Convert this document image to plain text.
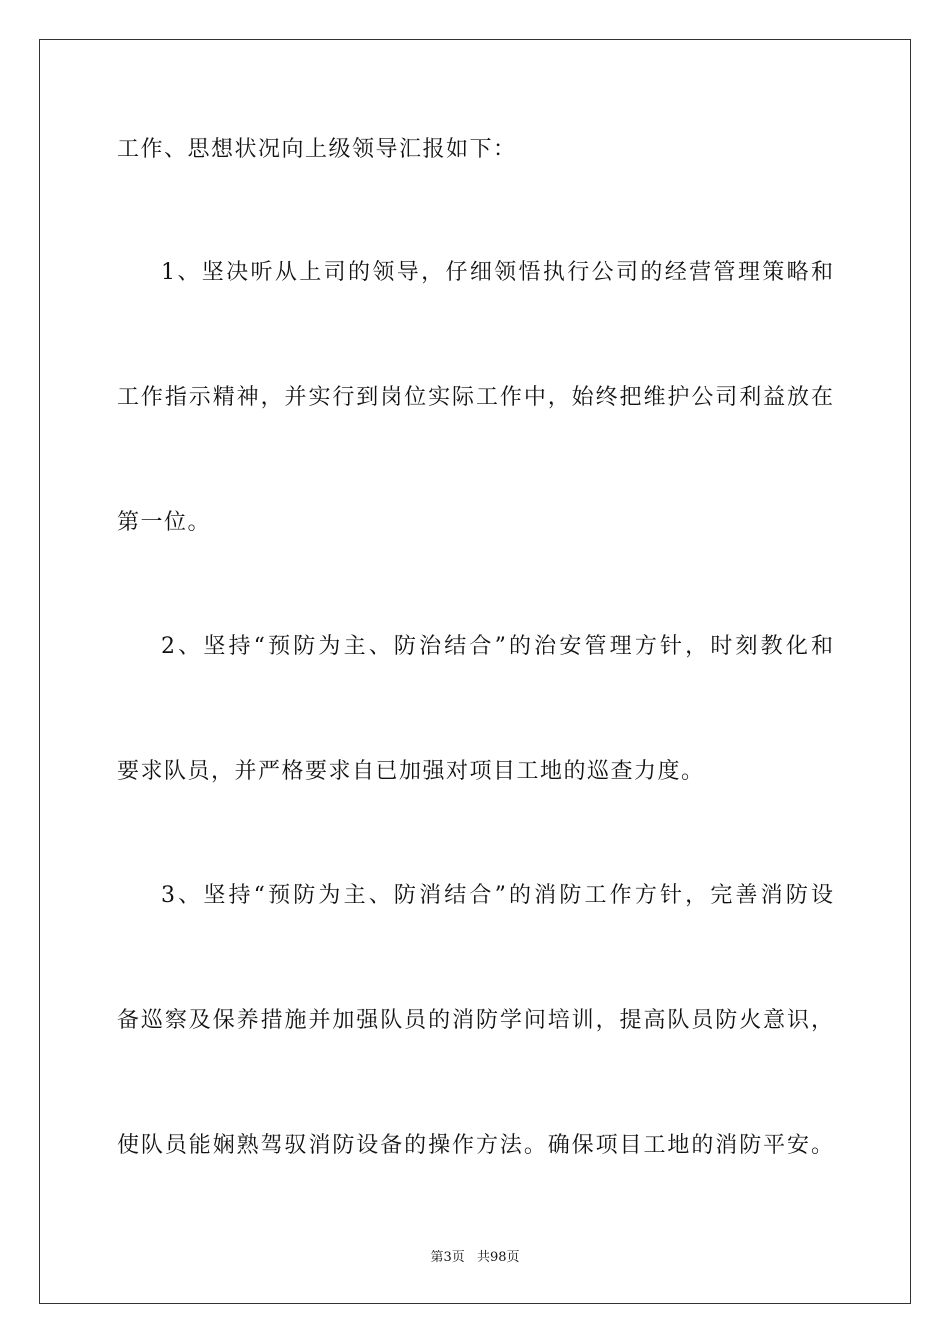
工作、思想状况向上级领导汇报如下：
1、坚决听从上司的领导，仔细领悟执行公司的经营管理策略和
工作指示精神，并实行到岗位实际工作中，始终把维护公司利益放在
第一位。
2、坚持“预防为主、防治结合”的治安管理方针，时刻教化和
要求队员，并严格要求自已加强对项目工地的巡查力度。
3、坚持“预防为主、防消结合”的消防工作方针，完善消防设
备巡察及保养措施并加强队员的消防学问培训，提高队员防火意识，
使队员能娴熟驾驭消防设备的操作方法。确保项目工地的消防平安。
第3页 共98页
